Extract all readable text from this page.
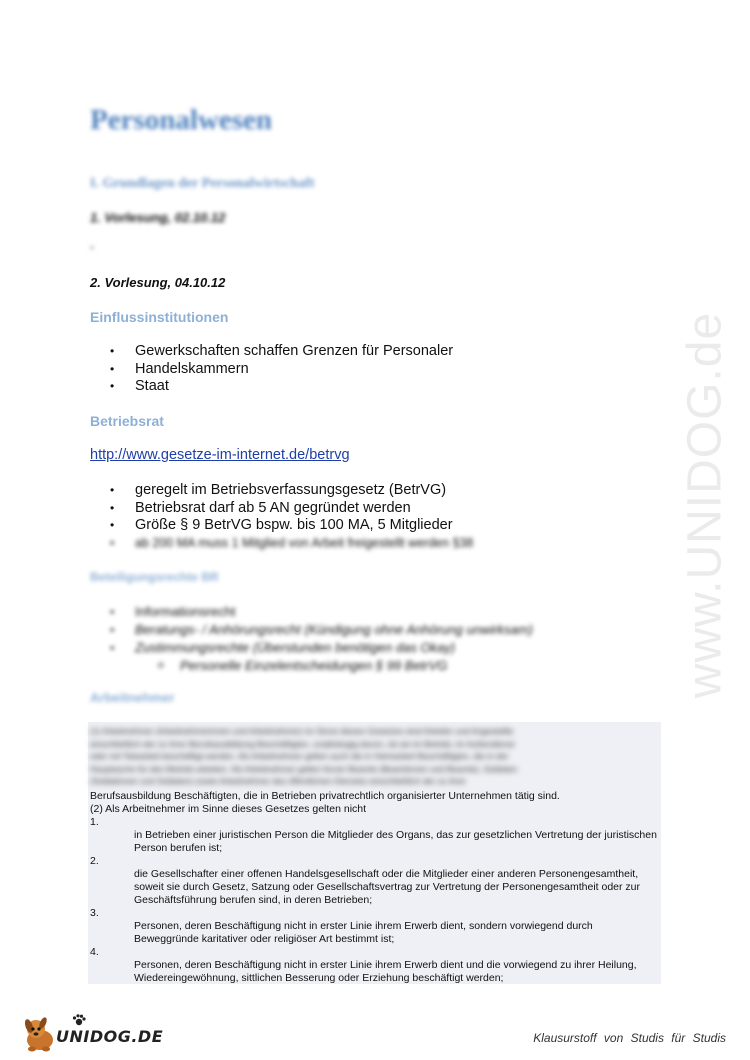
www.UNIDOG.de
Personalwesen
I. Grundlagen der Personalwirtschaft
1. Vorlesung, 02.10.12
▪
2. Vorlesung, 04.10.12
Einflussinstitutionen
• Gewerkschaften schaffen Grenzen für Personaler
• Handelskammern
• Staat
Betriebsrat
http://www.gesetze-im-internet.de/betrvg
• geregelt im Betriebsverfassungsgesetz (BetrVG)
• Betriebsrat darf ab 5 AN gegründet werden
• Größe § 9 BetrVG bspw. bis 100 MA, 5 Mitglieder
• ab 200 MA muss 1 Mitglied von Arbeit freigestellt werden §38
Beteiligungsrechte BR
• Informationsrecht
• Beratungs- / Anhörungsrecht (Kündigung ohne Anhörung unwirksam)
• Zustimmungsrechte (Überstunden benötigen das Okay)
o Personelle Einzelentscheidungen § 99 BetrVG
Arbeitnehmer
(1) Arbeitnehmer (Arbeitnehmerinnen und Arbeitnehmer) im Sinne dieses Gesetzes sind Arbeiter und Angestellte
einschließlich der zu ihrer Berufsausbildung Beschäftigten, unabhängig davon, ob sie im Betrieb, im Außendienst
oder mit Telearbeit beschäftigt werden. Als Arbeitnehmer gelten auch die in Heimarbeit Beschäftigten, die in der
Hauptsache für den Betrieb arbeiten. Als Arbeitnehmer gelten ferner Beamte (Beamtinnen und Beamte), Soldaten
(Soldatinnen und Soldaten) sowie Arbeitnehmer des öffentlichen Dienstes einschließlich der zu ihrer
Berufsausbildung Beschäftigten, die in Betrieben privatrechtlich organisierter Unternehmen tätig sind.
(2) Als Arbeitnehmer im Sinne dieses Gesetzes gelten nicht
1.
in Betrieben einer juristischen Person die Mitglieder des Organs, das zur gesetzlichen Vertretung der juristischen Person berufen ist;
2.
die Gesellschafter einer offenen Handelsgesellschaft oder die Mitglieder einer anderen Personengesamtheit, soweit sie durch Gesetz, Satzung oder Gesellschaftsvertrag zur Vertretung der Personengesamtheit oder zur Geschäftsführung berufen sind, in deren Betrieben;
3.
Personen, deren Beschäftigung nicht in erster Linie ihrem Erwerb dient, sondern vorwiegend durch Beweggründe karitativer oder religiöser Art bestimmt ist;
4.
Personen, deren Beschäftigung nicht in erster Linie ihrem Erwerb dient und die vorwiegend zu ihrer Heilung, Wiedereingewöhnung, sittlichen Besserung oder Erziehung beschäftigt werden;
UNIDOG.DE	Klausurstoff von Studis für Studis
